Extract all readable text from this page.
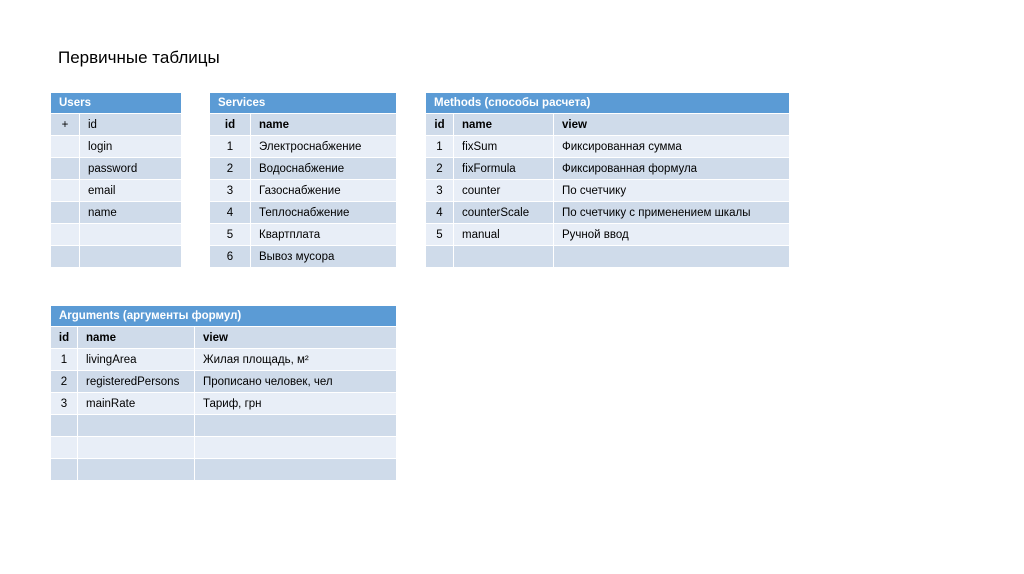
Первичные таблицы
Users	
+	id
	login
	password
	email
	name

Services	
id	name
1	Электроснабжение
2	Водоснабжение
3	Газоснабжение
4	Теплоснабжение
5	Квартплата
6	Вывоз мусора
Methods (способы расчета)		
id	name	view
1	fixSum	Фиксированная сумма
2	fixFormula	Фиксированная формула
3	counter	По счетчику
4	counterScale	По счетчику с применением шкалы
5	manual	Ручной ввод

Arguments (аргументы формул)		
id	name	view
1	livingArea	Жилая площадь, м²
2	registeredPersons	Прописано человек, чел
3	mainRate	Тариф, грн
